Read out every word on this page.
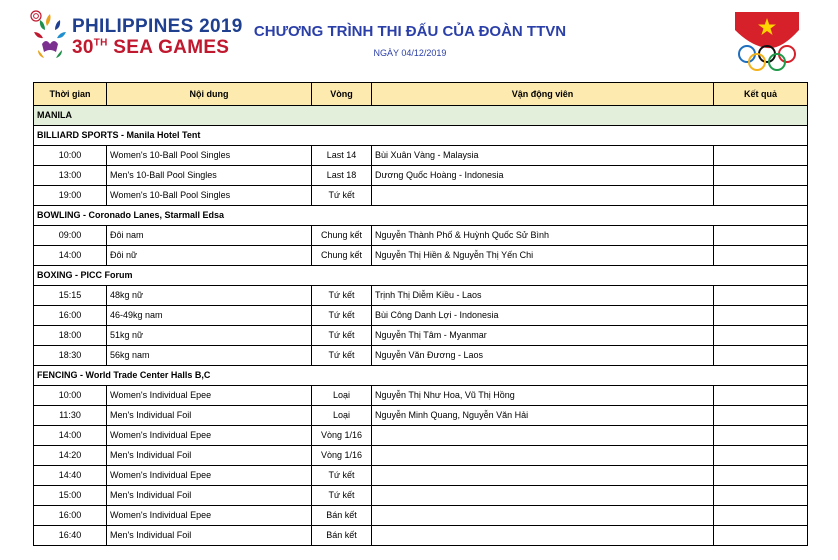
PHILIPPINES 2019
30TH SEA GAMES
CHƯƠNG TRÌNH THI ĐẤU CỦA ĐOÀN TTVN
NGÀY 04/12/2019
Thời gian	Nội dung	Vòng	Vận động viên	Kết quả
MANILA				
BILLIARD SPORTS - Manila Hotel Tent				
10:00	Women's 10-Ball Pool Singles	Last 14	Bùi Xuân Vàng - Malaysia	
13:00	Men's 10-Ball Pool Singles	Last 18	Dương Quốc Hoàng - Indonesia	
19:00	Women's 10-Ball Pool Singles	Tứ kết		
BOWLING - Coronado Lanes, Starmall Edsa				
09:00	Đôi nam	Chung kết	Nguyễn Thành Phố & Huỳnh Quốc Sử Bình	
14:00	Đôi nữ	Chung kết	Nguyễn Thị Hiền & Nguyễn Thị Yến Chi	
BOXING - PICC Forum				
15:15	48kg nữ	Tứ kết	Trịnh Thị Diễm Kiều - Laos	
16:00	46-49kg nam	Tứ kết	Bùi Công Danh Lợi - Indonesia	
18:00	51kg nữ	Tứ kết	Nguyễn Thị Tâm - Myanmar	
18:30	56kg nam	Tứ kết	Nguyễn Văn Đương - Laos	
FENCING - World Trade Center Halls B,C				
10:00	Women's Individual Epee	Loại	Nguyễn Thị Như Hoa, Vũ Thị Hồng	
11:30	Men's Individual Foil	Loại	Nguyễn Minh Quang, Nguyễn Văn Hải	
14:00	Women's Individual Epee	Vòng 1/16		
14:20	Men's Individual Foil	Vòng 1/16		
14:40	Women's Individual Epee	Tứ kết		
15:00	Men's Individual Foil	Tứ kết		
16:00	Women's Individual Epee	Bán kết		
16:40	Men's Individual Foil	Bán kết		
